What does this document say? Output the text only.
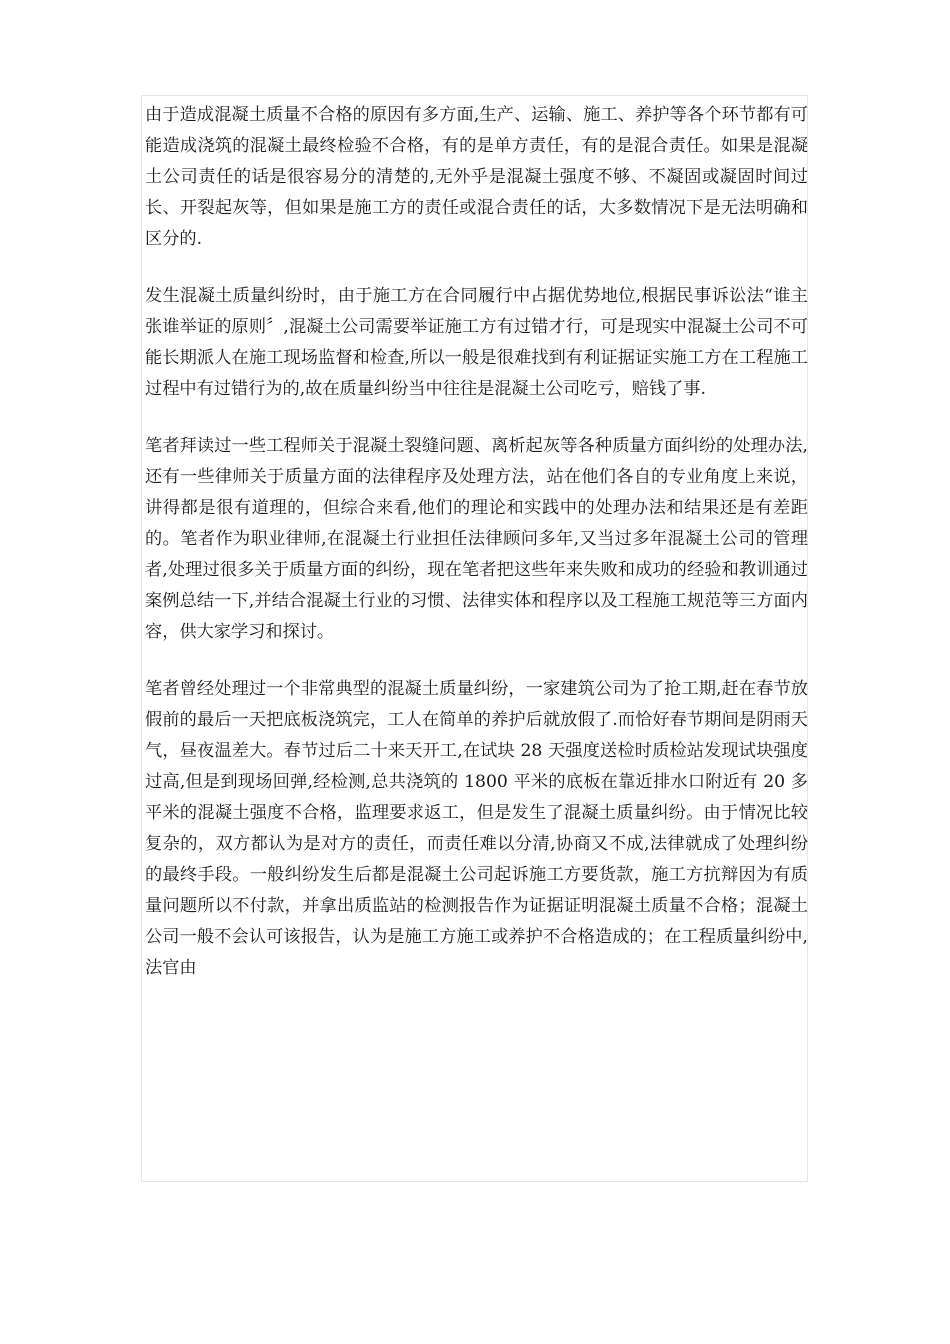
由于造成混凝土质量不合格的原因有多方面,生产、运输、施工、养护等各个环节都有可能造成浇筑的混凝土最终检验不合格，有的是单方责任，有的是混合责任。如果是混凝土公司责任的话是很容易分的清楚的,无外乎是混凝土强度不够、不凝固或凝固时间过长、开裂起灰等，但如果是施工方的责任或混合责任的话，大多数情况下是无法明确和区分的.

发生混凝土质量纠纷时，由于施工方在合同履行中占据优势地位,根据民事诉讼法“谁主张谁举证的原则〞,混凝土公司需要举证施工方有过错才行，可是现实中混凝土公司不可能长期派人在施工现场监督和检查,所以一般是很难找到有利证据证实施工方在工程施工过程中有过错行为的,故在质量纠纷当中往往是混凝土公司吃亏，赔钱了事.

笔者拜读过一些工程师关于混凝土裂缝问题、离析起灰等各种质量方面纠纷的处理办法,还有一些律师关于质量方面的法律程序及处理方法，站在他们各自的专业角度上来说，讲得都是很有道理的，但综合来看,他们的理论和实践中的处理办法和结果还是有差距的。笔者作为职业律师,在混凝土行业担任法律顾问多年,又当过多年混凝土公司的管理者,处理过很多关于质量方面的纠纷，现在笔者把这些年来失败和成功的经验和教训通过案例总结一下,并结合混凝土行业的习惯、法律实体和程序以及工程施工规范等三方面内容，供大家学习和探讨。

笔者曾经处理过一个非常典型的混凝土质量纠纷，一家建筑公司为了抢工期,赶在春节放假前的最后一天把底板浇筑完，工人在简单的养护后就放假了.而恰好春节期间是阴雨天气，昼夜温差大。春节过后二十来天开工,在试块 28 天强度送检时质检站发现试块强度过高,但是到现场回弹,经检测,总共浇筑的 1800 平米的底板在靠近排水口附近有 20 多平米的混凝土强度不合格，监理要求返工，但是发生了混凝土质量纠纷。由于情况比较复杂的，双方都认为是对方的责任，而责任难以分清,协商又不成,法律就成了处理纠纷的最终手段。一般纠纷发生后都是混凝土公司起诉施工方要货款，施工方抗辩因为有质量问题所以不付款，并拿出质监站的检测报告作为证据证明混凝土质量不合格；混凝土公司一般不会认可该报告，认为是施工方施工或养护不合格造成的；在工程质量纠纷中,法官由
